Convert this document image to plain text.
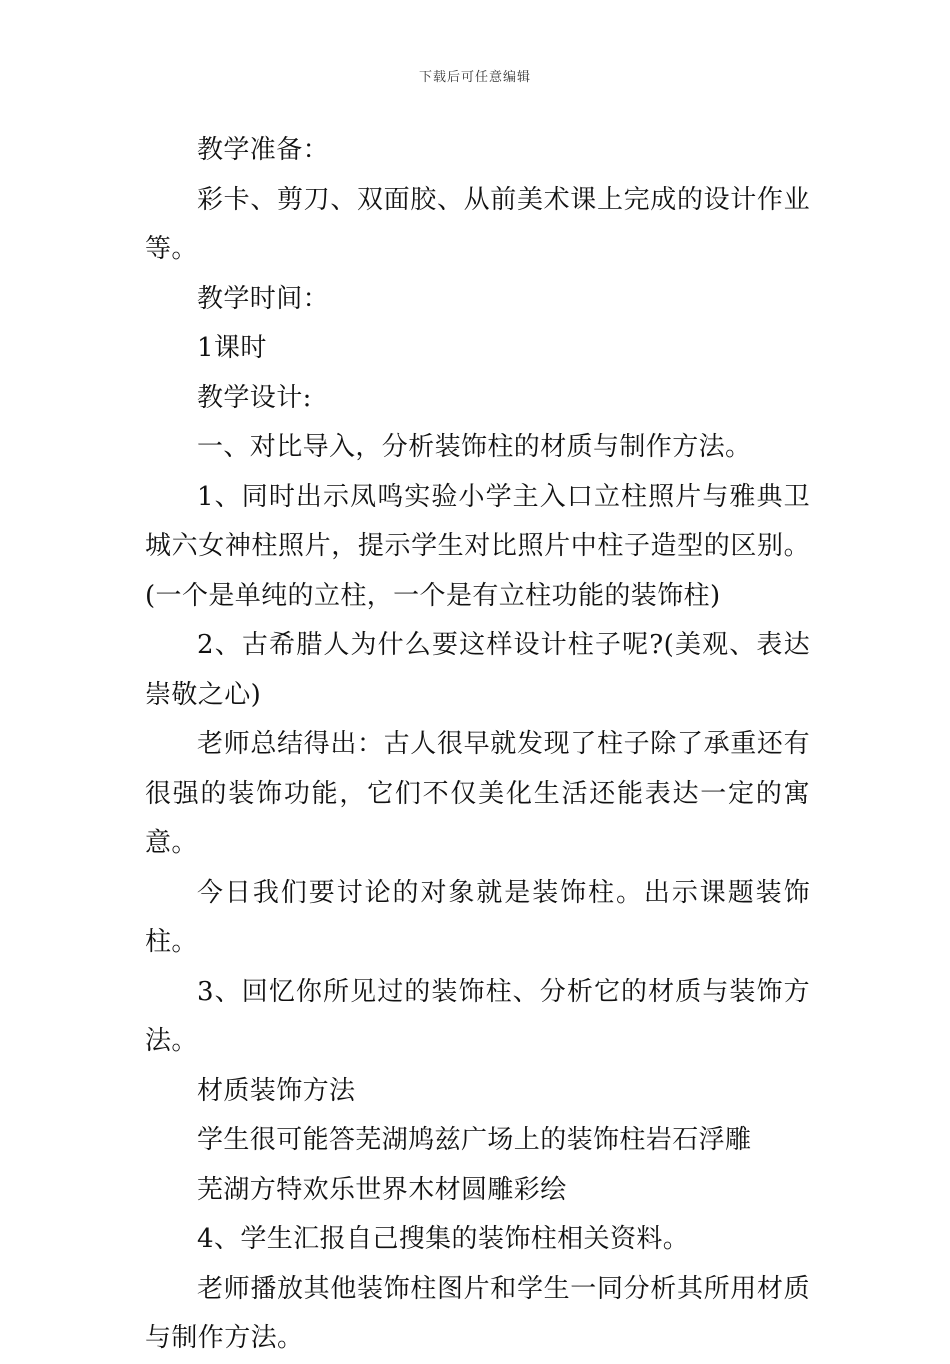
下载后可任意编辑

教学准备：

彩卡、剪刀、双面胶、从前美术课上完成的设计作业等。

教学时间：

1课时

教学设计:

一、对比导入，分析装饰柱的材质与制作方法。

1、同时出示凤鸣实验小学主入口立柱照片与雅典卫城六女神柱照片，提示学生对比照片中柱子造型的区别。(一个是单纯的立柱，一个是有立柱功能的装饰柱)

2、古希腊人为什么要这样设计柱子呢?(美观、表达崇敬之心)

老师总结得出：古人很早就发现了柱子除了承重还有很强的装饰功能，它们不仅美化生活还能表达一定的寓意。

今日我们要讨论的对象就是装饰柱。出示课题装饰柱。

3、回忆你所见过的装饰柱、分析它的材质与装饰方法。

材质装饰方法

学生很可能答芜湖鸠兹广场上的装饰柱岩石浮雕

芜湖方特欢乐世界木材圆雕彩绘

4、学生汇报自己搜集的装饰柱相关资料。

老师播放其他装饰柱图片和学生一同分析其所用材质与制作方法。
